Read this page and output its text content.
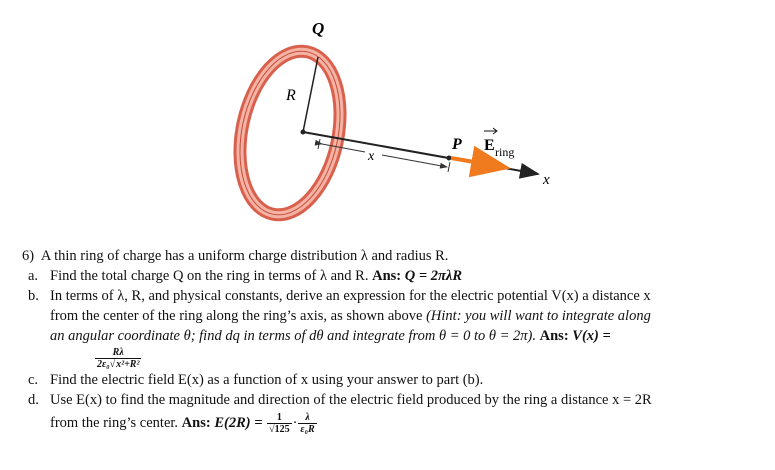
Q
R
x
P E ring
x
6) A thin ring of charge has a uniform charge distribution λ and radius R.
a. Find the total charge Q on the ring in terms of λ and R. Ans: Q = 2πλR
b. In terms of λ, R, and physical constants, derive an expression for the electric potential V(x) a distance x
from the center of the ring along the ring’s axis, as shown above (Hint: you will want to integrate along
an angular coordinate θ; find dq in terms of dθ and integrate from θ = 0 to θ = 2π). Ans: V(x) =
$\frac{R\lambda}{\text{2ε₀√x²+R²}}$
c. Find the electric field E(x) as a function of x using your answer to part (b).
d. Use E(x) to find the magnitude and direction of the electric field produced by the ring a distance x = 2R
from the ring’s center. Ans: $E(2R) = \frac{1}{√125} \cdot \frac{\lambda}{\text{ε₀R}}$
